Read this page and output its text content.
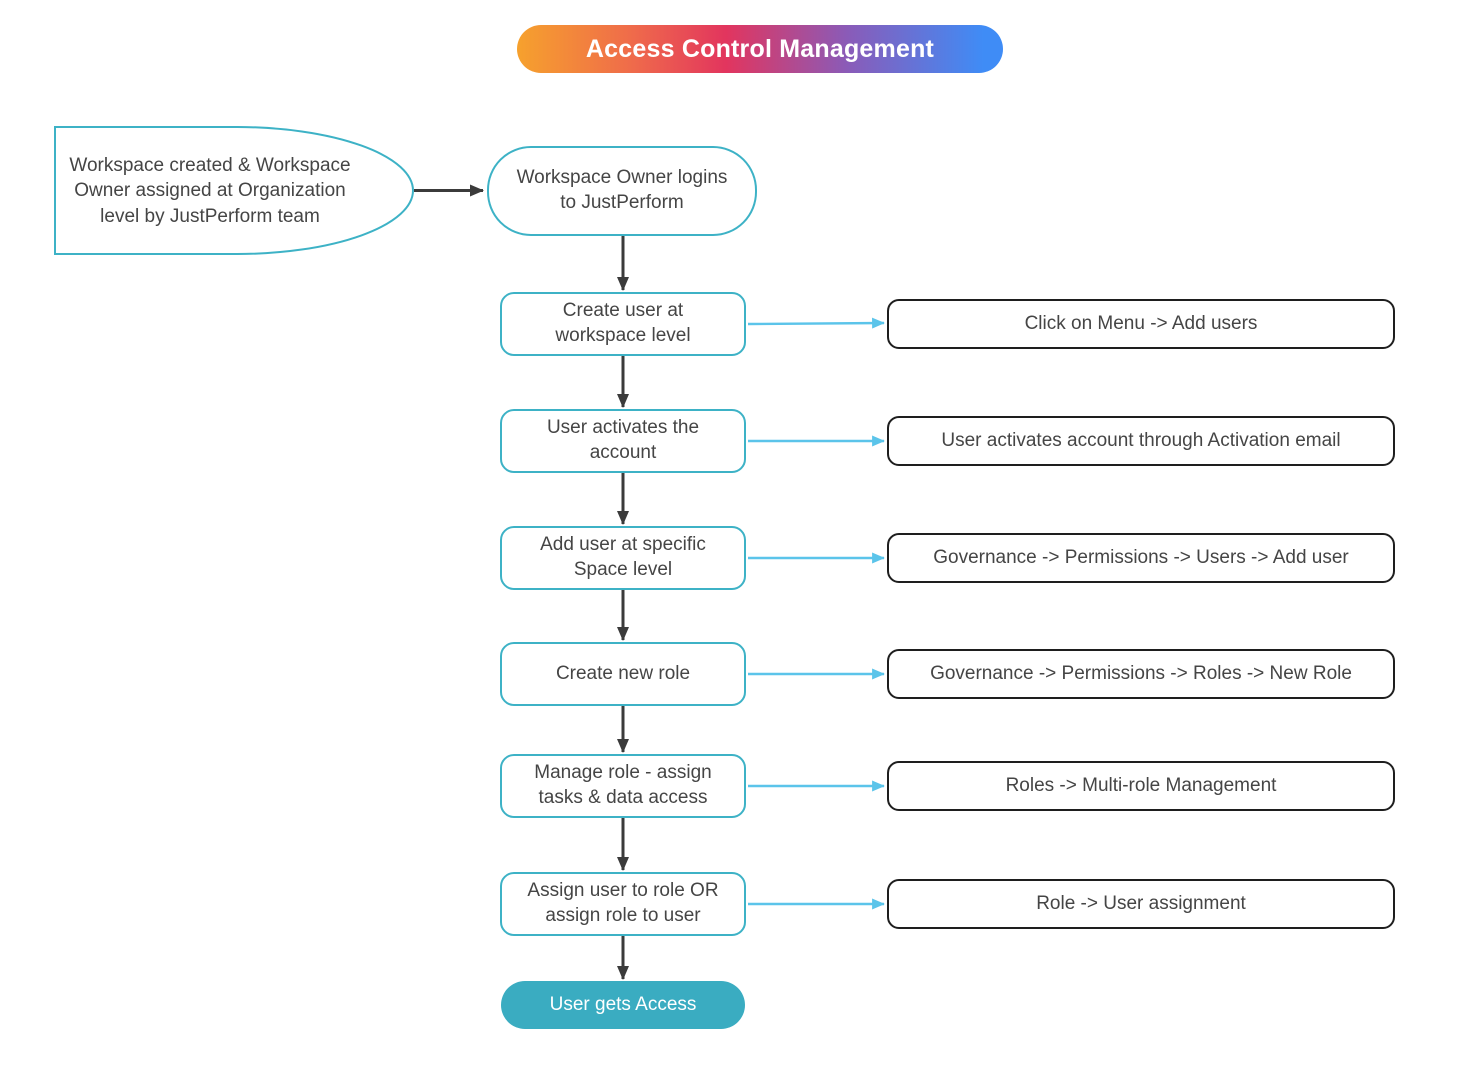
Access Control Management
Workspace created & Workspace Owner assigned at Organization level by JustPerform team
Workspace Owner logins to JustPerform
Create user at workspace level
Click on Menu -> Add users
User activates the account
User activates account through Activation email
Add user at specific Space level
Governance -> Permissions -> Users -> Add user
Create new role	Governance -> Permissions -> Roles -> New Role
Manage role - assign tasks & data access
Roles -> Multi-role Management
Assign user to role OR assign role to user
Role -> User assignment
User gets Access
